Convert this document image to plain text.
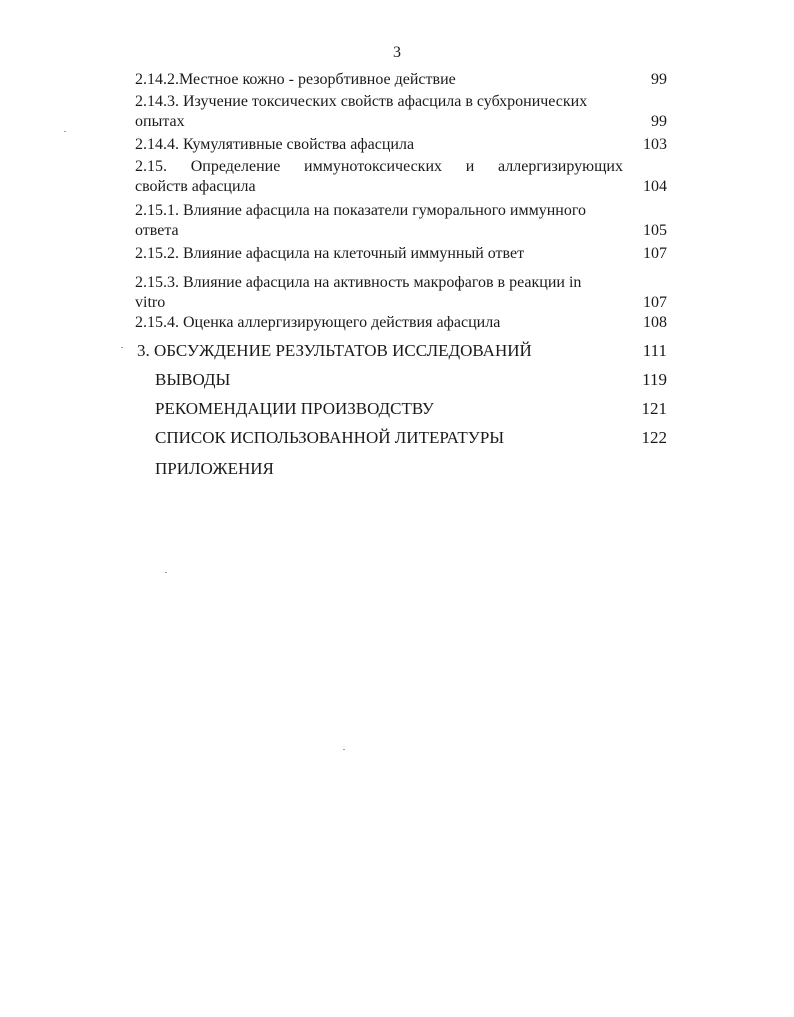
3
2.14.2.Местное кожно - резорбтивное действие	99
2.14.3. Изучение токсических свойств афасцила в субхронических
опытах	99
2.14.4. Кумулятивные свойства афасцила	103
2.15. Определение иммунотоксических и аллергизирующих
свойств афасцила	104
2.15.1. Влияние афасцила на показатели гуморального иммунного
ответа	105
2.15.2. Влияние афасцила на клеточный иммунный ответ	107
2.15.3. Влияние афасцила на активность макрофагов в реакции in
vitro	107
2.15.4. Оценка аллергизирующего действия афасцила	108
3. ОБСУЖДЕНИЕ РЕЗУЛЬТАТОВ ИССЛЕДОВАНИЙ	111
ВЫВОДЫ	119
РЕКОМЕНДАЦИИ ПРОИЗВОДСТВУ	121
СПИСОК ИСПОЛЬЗОВАННОЙ ЛИТЕРАТУРЫ	122
ПРИЛОЖЕНИЯ
